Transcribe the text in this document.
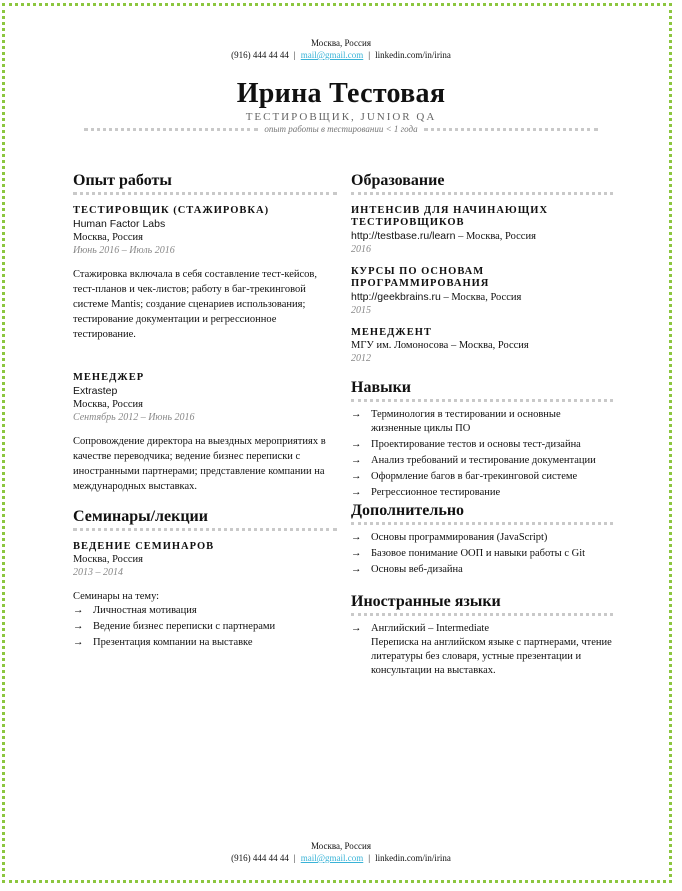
Москва, Россия
(916) 444 44 44 | mail@gmail.com | linkedin.com/in/irina
Ирина Тестовая
ТЕСТИРОВЩИК, JUNIOR QA
опыт работы в тестировании < 1 года
Опыт работы
ТЕСТИРОВЩИК (СТАЖИРОВКА)
Human Factor Labs
Москва, Россия
Июнь 2016 – Июль 2016
Стажировка включала в себя составление тест-кейсов, тест-планов и чек-листов; работу в баг-трекинговой системе Mantis; создание сценариев использования; тестирование документации и регрессионное тестирование.
МЕНЕДЖЕР
Extrastep
Москва, Россия
Сентябрь 2012 – Июнь 2016
Сопровождение директора на выездных мероприятиях в качестве переводчика; ведение бизнес переписки с иностранными партнерами; представление компании на международных выставках.
Семинары/лекции
ВЕДЕНИЕ СЕМИНАРОВ
Москва, Россия
2013 – 2014
Семинары на тему:
→ Личностная мотивация
→ Ведение бизнес переписки с партнерами
→ Презентация компании на выставке
Образование
ИНТЕНСИВ ДЛЯ НАЧИНАЮЩИХ ТЕСТИРОВЩИКОВ
http://testbase.ru/learn – Москва, Россия
2016
КУРСЫ ПО ОСНОВАМ ПРОГРАММИРОВАНИЯ
http://geekbrains.ru – Москва, Россия
2015
МЕНЕДЖЕНТ
МГУ им. Ломоносова – Москва, Россия
2012
Навыки
→ Терминология в тестировании и основные жизненные циклы ПО
→ Проектирование тестов и основы тест-дизайна
→ Анализ требований и тестирование документации
→ Оформление багов в баг-трекинговой системе
→ Регрессионное тестирование
Дополнительно
→ Основы программирования (JavaScript)
→ Базовое понимание ООП и навыки работы с Git
→ Основы веб-дизайна
Иностранные языки
→ Английский – Intermediate
Переписка на английском языке с партнерами, чтение литературы без словаря, устные презентации и консультации на выставках.
Москва, Россия
(916) 444 44 44 | mail@gmail.com | linkedin.com/in/irina
